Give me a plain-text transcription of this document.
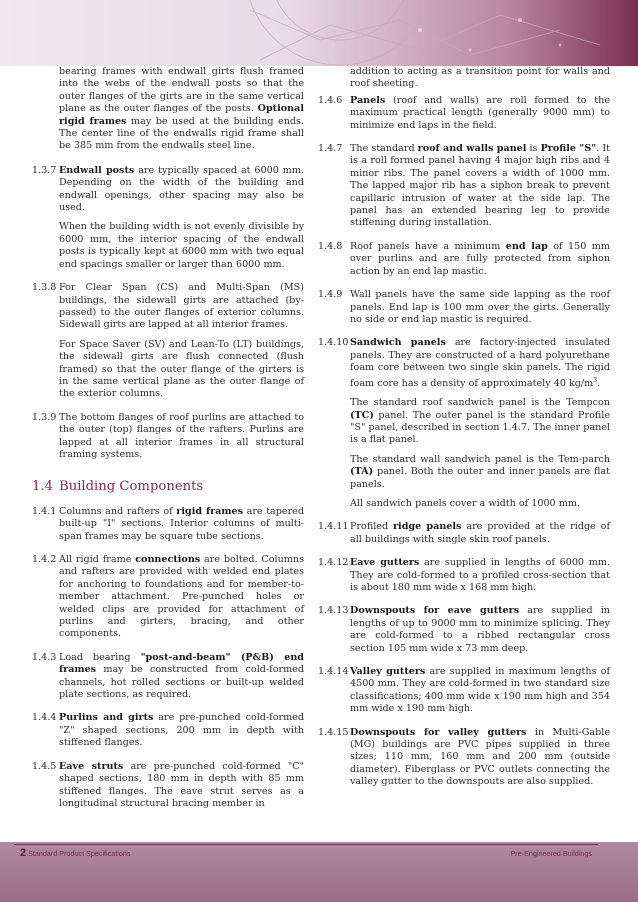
bearing frames with endwall girts flush framed into the webs of the endwall posts so that the outer flanges of the girts are in the same vertical plane as the outer flanges of the posts. Optional rigid frames may be used at the building ends. The center line of the endwalls rigid frame shall be 385 mm from the endwalls steel line.
1.3.7 Endwall posts are typically spaced at 6000 mm. Depending on the width of the building and endwall openings, other spacing may also be used.

When the building width is not evenly divisible by 6000 mm, the interior spacing of the endwall posts is typically kept at 6000 mm with two equal end spacings smaller or larger than 6000 mm.

1.3.8 For Clear Span (CS) and Multi-Span (MS) buildings, the sidewall girts are attached (by-passed) to the outer flanges of exterior columns. Sidewall girts are lapped at all interior frames.

For Space Saver (SV) and Lean-To (LT) buildings, the sidewall girts are flush connected (flush framed) so that the outer flange of the girters is in the same vertical plane as the outer flange of the exterior columns.

1.3.9 The bottom flanges of roof purlins are attached to the outer (top) flanges of the rafters. Purlins are lapped at all interior frames in all structural framing systems.
1.4 Building Components
1.4.1 Columns and rafters of rigid frames are tapered built-up "I" sections. Interior columns of multi-span frames may be square tube sections.
1.4.2 All rigid frame connections are bolted. Columns and rafters are provided with welded end plates for anchoring to foundations and for member-to-member attachment. Pre-punched holes or welded clips are provided for attachment of purlins and girters, bracing, and other components.
1.4.3 Load bearing "post-and-beam" (P&B) end frames may be constructed from cold-formed channels, hot rolled sections or built-up welded plate sections, as required.
1.4.4 Purlins and girts are pre-punched cold-formed "Z" shaped sections, 200 mm in depth with stiffened flanges.
1.4.5 Eave struts are pre-punched cold-formed "C" shaped sections, 180 mm in depth with 85 mm stiffened flanges. The eave strut serves as a longitudinal structural bracing member in
addition to acting as a transition point for walls and roof sheeting.
1.4.6 Panels (roof and walls) are roll formed to the maximum practical length (generally 9000 mm) to minimize end laps in the field.
1.4.7 The standard roof and walls panel is Profile "S". It is a roll formed panel having 4 major high ribs and 4 minor ribs. The panel covers a width of 1000 mm. The lapped major rib has a siphon break to prevent capillaric intrusion of water at the side lap. The panel has an extended bearing leg to provide stiffening during installation.
1.4.8 Roof panels have a minimum end lap of 150 mm over purlins and are fully protected from siphon action by an end lap mastic.
1.4.9 Wall panels have the same side lapping as the roof panels. End lap is 100 mm over the girts. Generally no side or end lap mastic is required.
1.4.10 Sandwich panels are factory-injected insulated panels. They are constructed of a hard polyurethane foam core between two single skin panels. The rigid foam core has a density of approximately 40 $kg/m^3$.

The standard roof sandwich panel is the Tempcon (TC) panel. The outer panel is the standard Profile "S" panel, described in section 1.4.7. The inner panel is a flat panel.

The standard wall sandwich panel is the Tem-parch (TA) panel. Both the outer and inner panels are flat panels.

All sandwich panels cover a width of 1000 mm.

1.4.11 Profiled ridge panels are provided at the ridge of all buildings with single skin roof panels.
1.4.12 Eave gutters are supplied in lengths of 6000 mm. They are cold-formed to a profiled cross-section that is about 180 mm wide x 168 mm high.
1.4.13 Downspouts for eave gutters are supplied in lengths of up to 9000 mm to minimize splicing. They are cold-formed to a ribbed rectangular cross section 105 mm wide x 73 mm deep.
1.4.14 Valley gutters are supplied in maximum lengths of 4500 mm. They are cold-formed in two standard size classifications; 400 mm wide x 190 mm high and 354 mm wide x 190 mm high.
1.4.15 Downspouts for valley gutters in Multi-Gable (MG) buildings are PVC pipes supplied in three sizes; 110 mm, 160 mm and 200 mm (outside diameter). Fiberglass or PVC outlets connecting the valley gutter to the downspouts are also supplied.
2 Standard Product Specifications	Pre-Engineered Buildings
